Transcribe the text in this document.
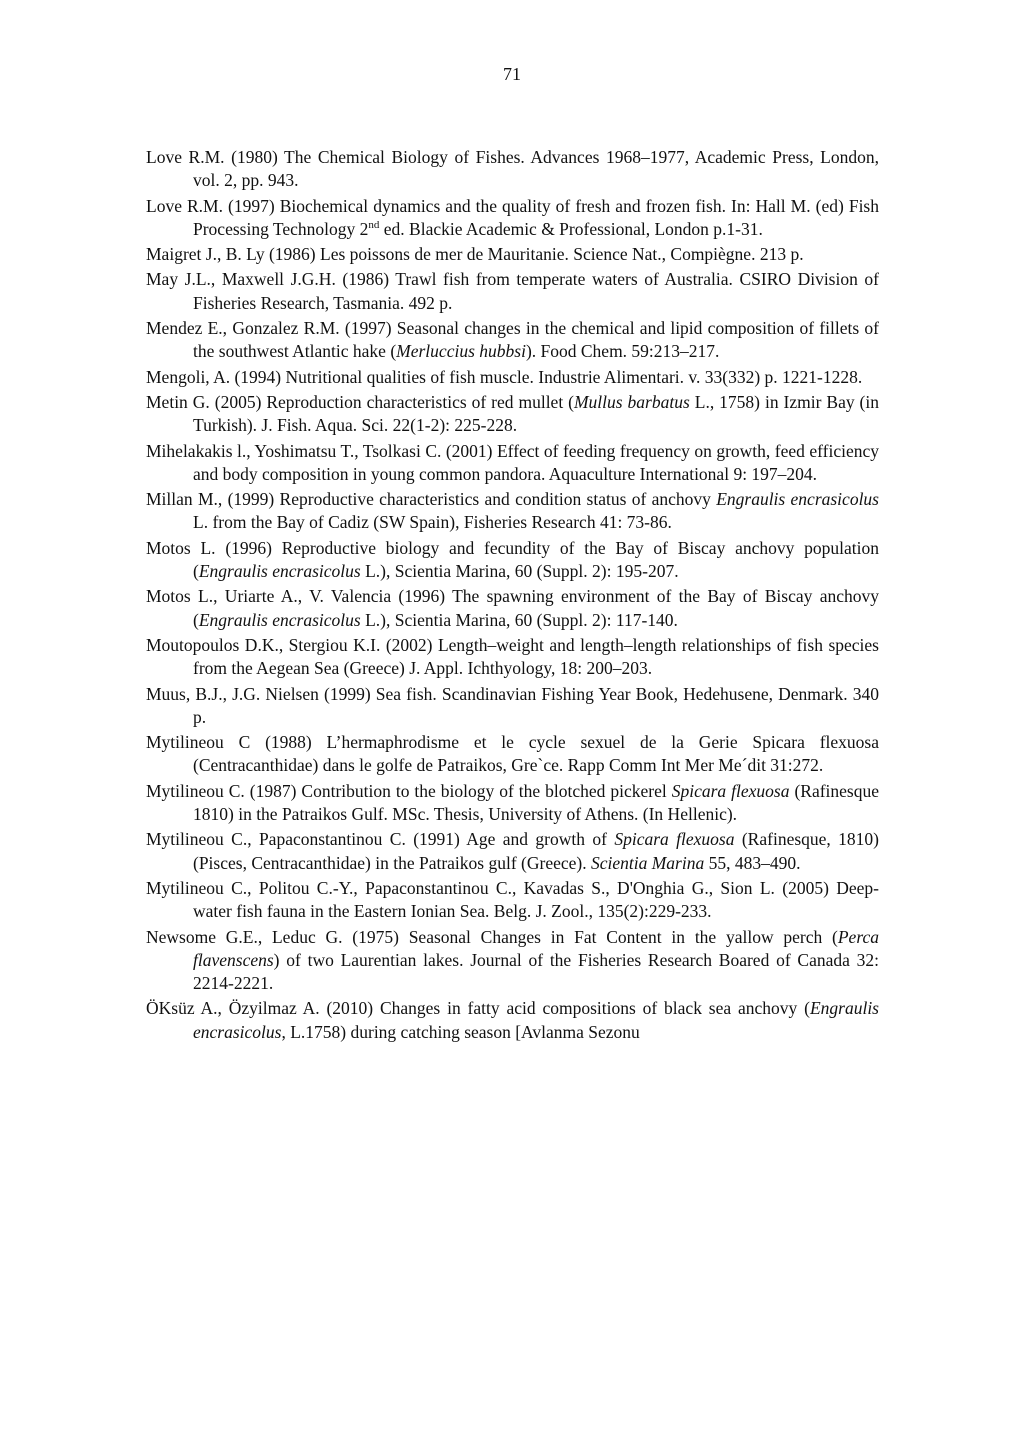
71
Love R.M. (1980) The Chemical Biology of Fishes. Advances 1968–1977, Academic Press, London, vol. 2, pp. 943.
Love R.M. (1997) Biochemical dynamics and the quality of fresh and frozen fish. In: Hall M. (ed) Fish Processing Technology 2nd ed. Blackie Academic & Professional, London p.1-31.
Maigret J., B. Ly (1986) Les poissons de mer de Mauritanie. Science Nat., Compiègne. 213 p.
May J.L., Maxwell J.G.H. (1986) Trawl fish from temperate waters of Australia. CSIRO Division of Fisheries Research, Tasmania. 492 p.
Mendez E., Gonzalez R.M. (1997) Seasonal changes in the chemical and lipid composition of fillets of the southwest Atlantic hake (Merluccius hubbsi). Food Chem. 59:213–217.
Mengoli, A. (1994) Nutritional qualities of fish muscle. Industrie Alimentari. v. 33(332) p. 1221-1228.
Metin G. (2005) Reproduction characteristics of red mullet (Mullus barbatus L., 1758) in Izmir Bay (in Turkish). J. Fish. Aqua. Sci. 22(1-2): 225-228.
Mihelakakis l., Yoshimatsu T., Tsolkasi C. (2001) Effect of feeding frequency on growth, feed efficiency and body composition in young common pandora. Aquaculture International 9: 197–204.
Millan M., (1999) Reproductive characteristics and condition status of anchovy Engraulis encrasicolus L. from the Bay of Cadiz (SW Spain), Fisheries Research 41: 73-86.
Motos L. (1996) Reproductive biology and fecundity of the Bay of Biscay anchovy population (Engraulis encrasicolus L.), Scientia Marina, 60 (Suppl. 2): 195-207.
Motos L., Uriarte A., V. Valencia (1996) The spawning environment of the Bay of Biscay anchovy (Engraulis encrasicolus L.), Scientia Marina, 60 (Suppl. 2): 117-140.
Moutopoulos D.K., Stergiou K.I. (2002) Length–weight and length–length relationships of fish species from the Aegean Sea (Greece) J. Appl. Ichthyology, 18: 200–203.
Muus, B.J., J.G. Nielsen (1999) Sea fish. Scandinavian Fishing Year Book, Hedehusene, Denmark. 340 p.
Mytilineou C (1988) L’hermaphrodisme et le cycle sexuel de la Gerie Spicara flexuosa (Centracanthidae) dans le golfe de Patraikos, Gre`ce. Rapp Comm Int Mer Me´dit 31:272.
Mytilineou C. (1987) Contribution to the biology of the blotched pickerel Spicara flexuosa (Rafinesque 1810) in the Patraikos Gulf. MSc. Thesis, University of Athens. (In Hellenic).
Mytilineou C., Papaconstantinou C. (1991) Age and growth of Spicara flexuosa (Rafinesque, 1810) (Pisces, Centracanthidae) in the Patraikos gulf (Greece). Scientia Marina 55, 483–490.
Mytilineou C., Politou C.-Y., Papaconstantinou C., Kavadas S., D'Onghia G., Sion L. (2005) Deep-water fish fauna in the Eastern Ionian Sea. Belg. J. Zool., 135(2):229-233.
Newsome G.E., Leduc G. (1975) Seasonal Changes in Fat Content in the yallow perch (Perca flavenscens) of two Laurentian lakes. Journal of the Fisheries Research Boared of Canada 32: 2214-2221.
ÖKsüz A., Özyilmaz A. (2010) Changes in fatty acid compositions of black sea anchovy (Engraulis encrasicolus, L.1758) during catching season [Avlanma Sezonu
